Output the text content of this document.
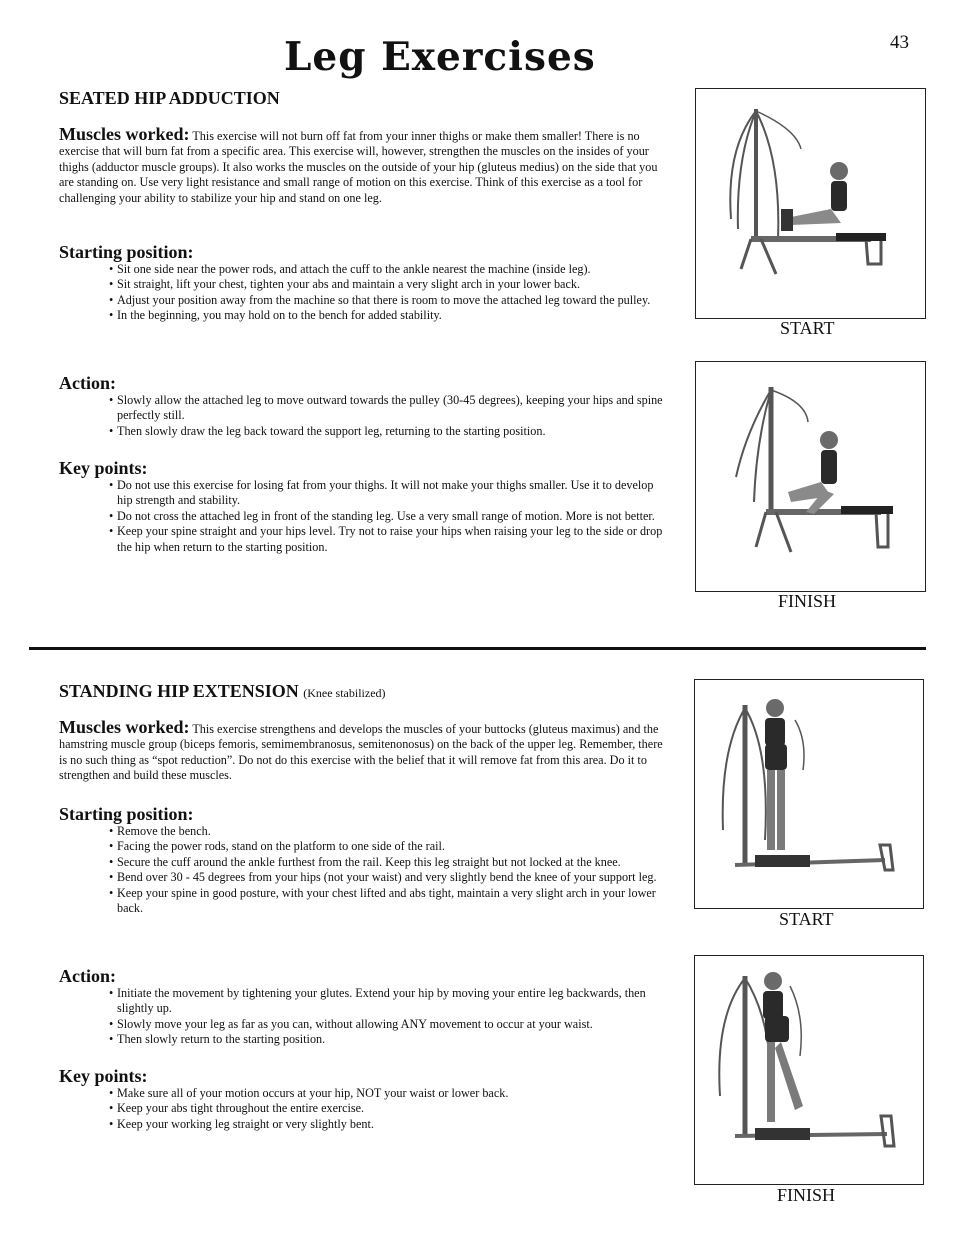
43
Leg Exercises
SEATED HIP ADDUCTION
Muscles worked: This exercise will not burn off fat from your inner thighs or make them smaller! There is no exercise that will burn fat from a specific area. This exercise will, however, strengthen the muscles on the insides of your thighs (adductor muscle groups). It also works the muscles on the outside of your hip (gluteus medius) on the side that you are standing on. Use very light resistance and small range of motion on this exercise. Think of this exercise as a tool for challenging your ability to stabilize your hip and stand on one leg.
Starting position:
• Sit one side near the power rods, and attach the cuff to the ankle nearest the machine (inside leg).
• Sit straight, lift your chest, tighten your abs and maintain a very slight arch in your lower back.
• Adjust your position away from the machine so that there is room to move the attached leg toward the pulley.
• In the beginning, you may hold on to the bench for added stability.
Action:
• Slowly allow the attached leg to move outward towards the pulley (30-45 degrees), keeping your hips and spine perfectly still.
• Then slowly draw the leg back toward the support leg, returning to the starting position.
Key points:
• Do not use this exercise for losing fat from your thighs. It will not make your thighs smaller. Use it to develop hip strength and stability.
• Do not cross the attached leg in front of the standing leg. Use a very small range of motion. More is not better.
• Keep your spine straight and your hips level. Try not to raise your hips when raising your leg to the side or drop the hip when return to the starting position.
START
FINISH
STANDING HIP EXTENSION (Knee stabilized)
Muscles worked: This exercise strengthens and develops the muscles of your buttocks (gluteus maximus) and the hamstring muscle group (biceps femoris, semimembranosus, semitenonosus) on the back of the upper leg. Remember, there is no such thing as “spot reduction”. Do not do this exercise with the belief that it will remove fat from this area. Do it to strengthen and build these muscles.
Starting position:
• Remove the bench.
• Facing the power rods, stand on the platform to one side of the rail.
• Secure the cuff around the ankle furthest from the rail. Keep this leg straight but not locked at the knee.
• Bend over 30 - 45 degrees from your hips (not your waist) and very slightly bend the knee of your support leg.
• Keep your spine in good posture, with your chest lifted and abs tight, maintain a very slight arch in your lower back.
Action:
• Initiate the movement by tightening your glutes. Extend your hip by moving your entire leg backwards, then slightly up.
• Slowly move your leg as far as you can, without allowing ANY movement to occur at your waist.
• Then slowly return to the starting position.
Key points:
• Make sure all of your motion occurs at your hip, NOT your waist or lower back.
• Keep your abs tight throughout the entire exercise.
• Keep your working leg straight or very slightly bent.
START
FINISH
